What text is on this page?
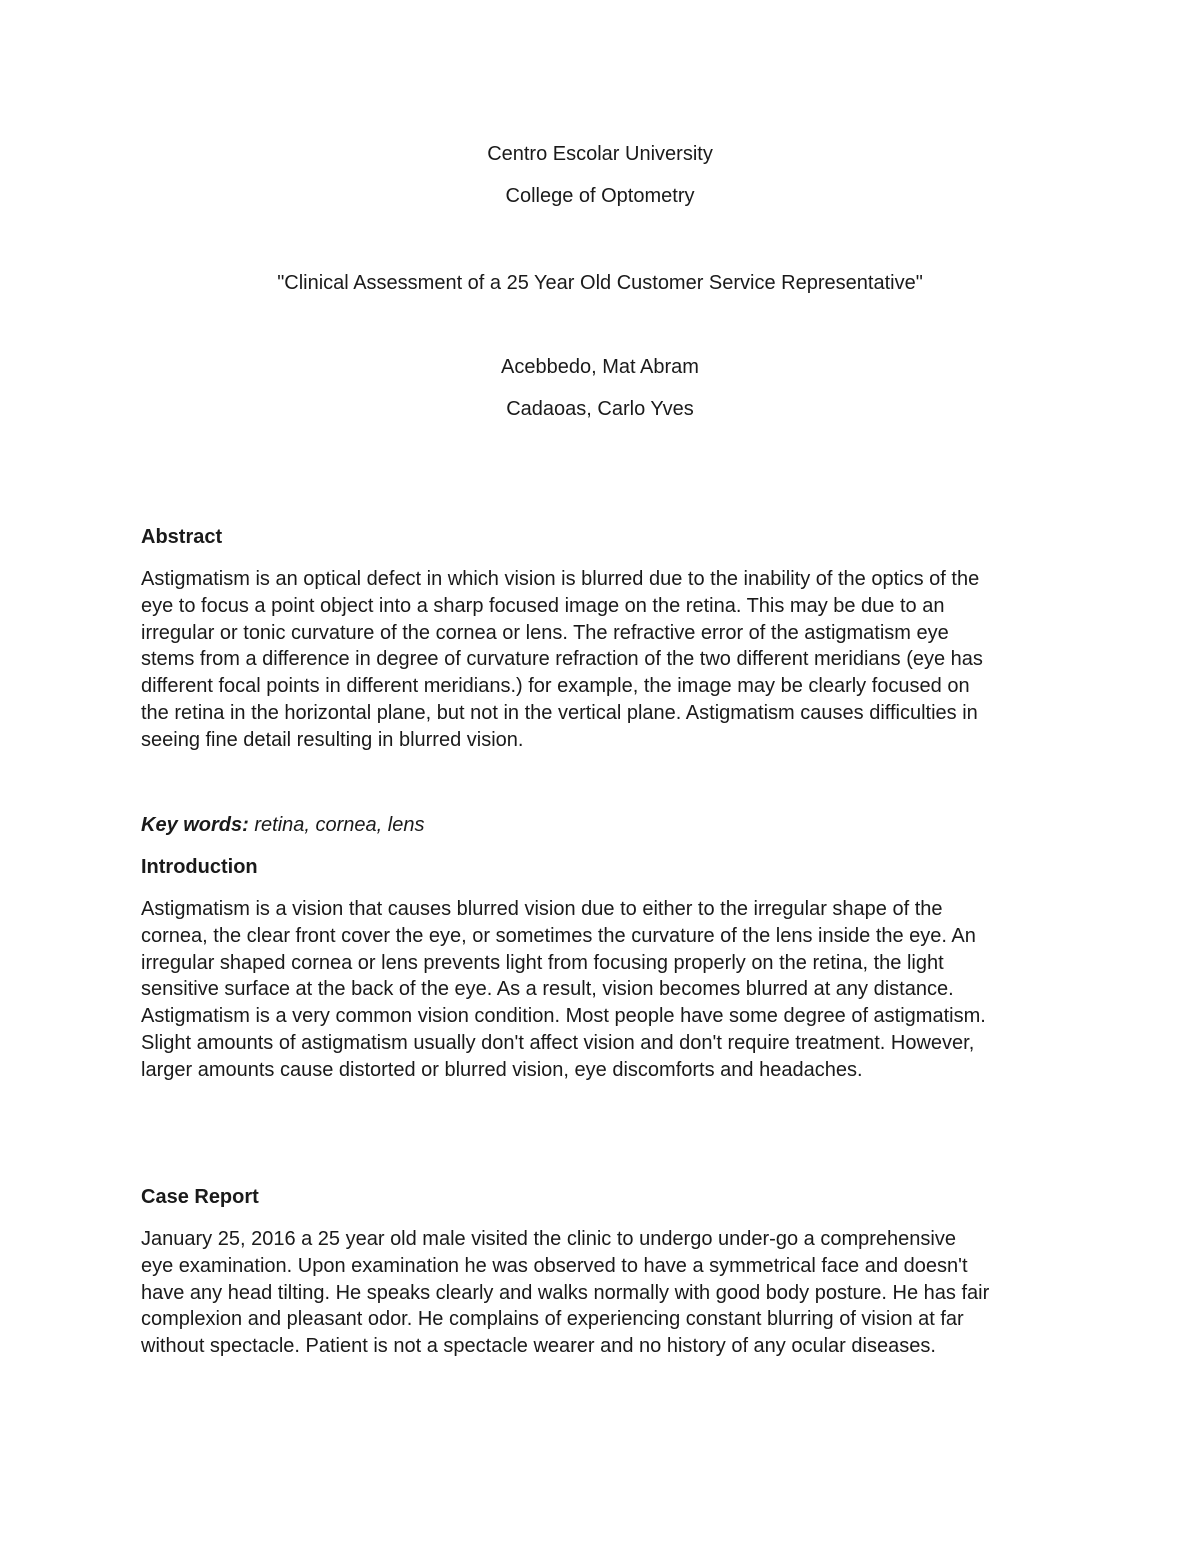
Centro Escolar University
College of Optometry
"Clinical Assessment of a 25 Year Old Customer Service Representative"
Acebbedo, Mat Abram
Cadaoas, Carlo Yves
Abstract
Astigmatism is an optical defect in which vision is blurred due to the inability of the optics of the
eye to focus a point object into a sharp focused image on the retina. This may be due to an
irregular or tonic curvature of the cornea or lens. The refractive error of the astigmatism eye
stems from a difference in degree of curvature refraction of the two different meridians (eye has
different focal points in different meridians.) for example, the image may be clearly focused on
the retina in the horizontal plane, but not in the vertical plane. Astigmatism causes difficulties in
seeing fine detail resulting in blurred vision.
Key words: retina, cornea, lens
Introduction
Astigmatism is a vision that causes blurred vision due to either to the irregular shape of the
cornea, the clear front cover the eye, or sometimes the curvature of the lens inside the eye. An
irregular shaped cornea or lens prevents light from focusing properly on the retina, the light
sensitive surface at the back of the eye. As a result, vision becomes blurred at any distance.
Astigmatism is a very common vision condition. Most people have some degree of astigmatism.
Slight amounts of astigmatism usually don't affect vision and don't require treatment. However,
larger amounts cause distorted or blurred vision, eye discomforts and headaches.
Case Report
January 25, 2016 a 25 year old male visited the clinic to undergo under-go a comprehensive
eye examination. Upon examination he was observed to have a symmetrical face and doesn't
have any head tilting. He speaks clearly and walks normally with good body posture. He has fair
complexion and pleasant odor. He complains of experiencing constant blurring of vision at far
without spectacle. Patient is not a spectacle wearer and no history of any ocular diseases.
